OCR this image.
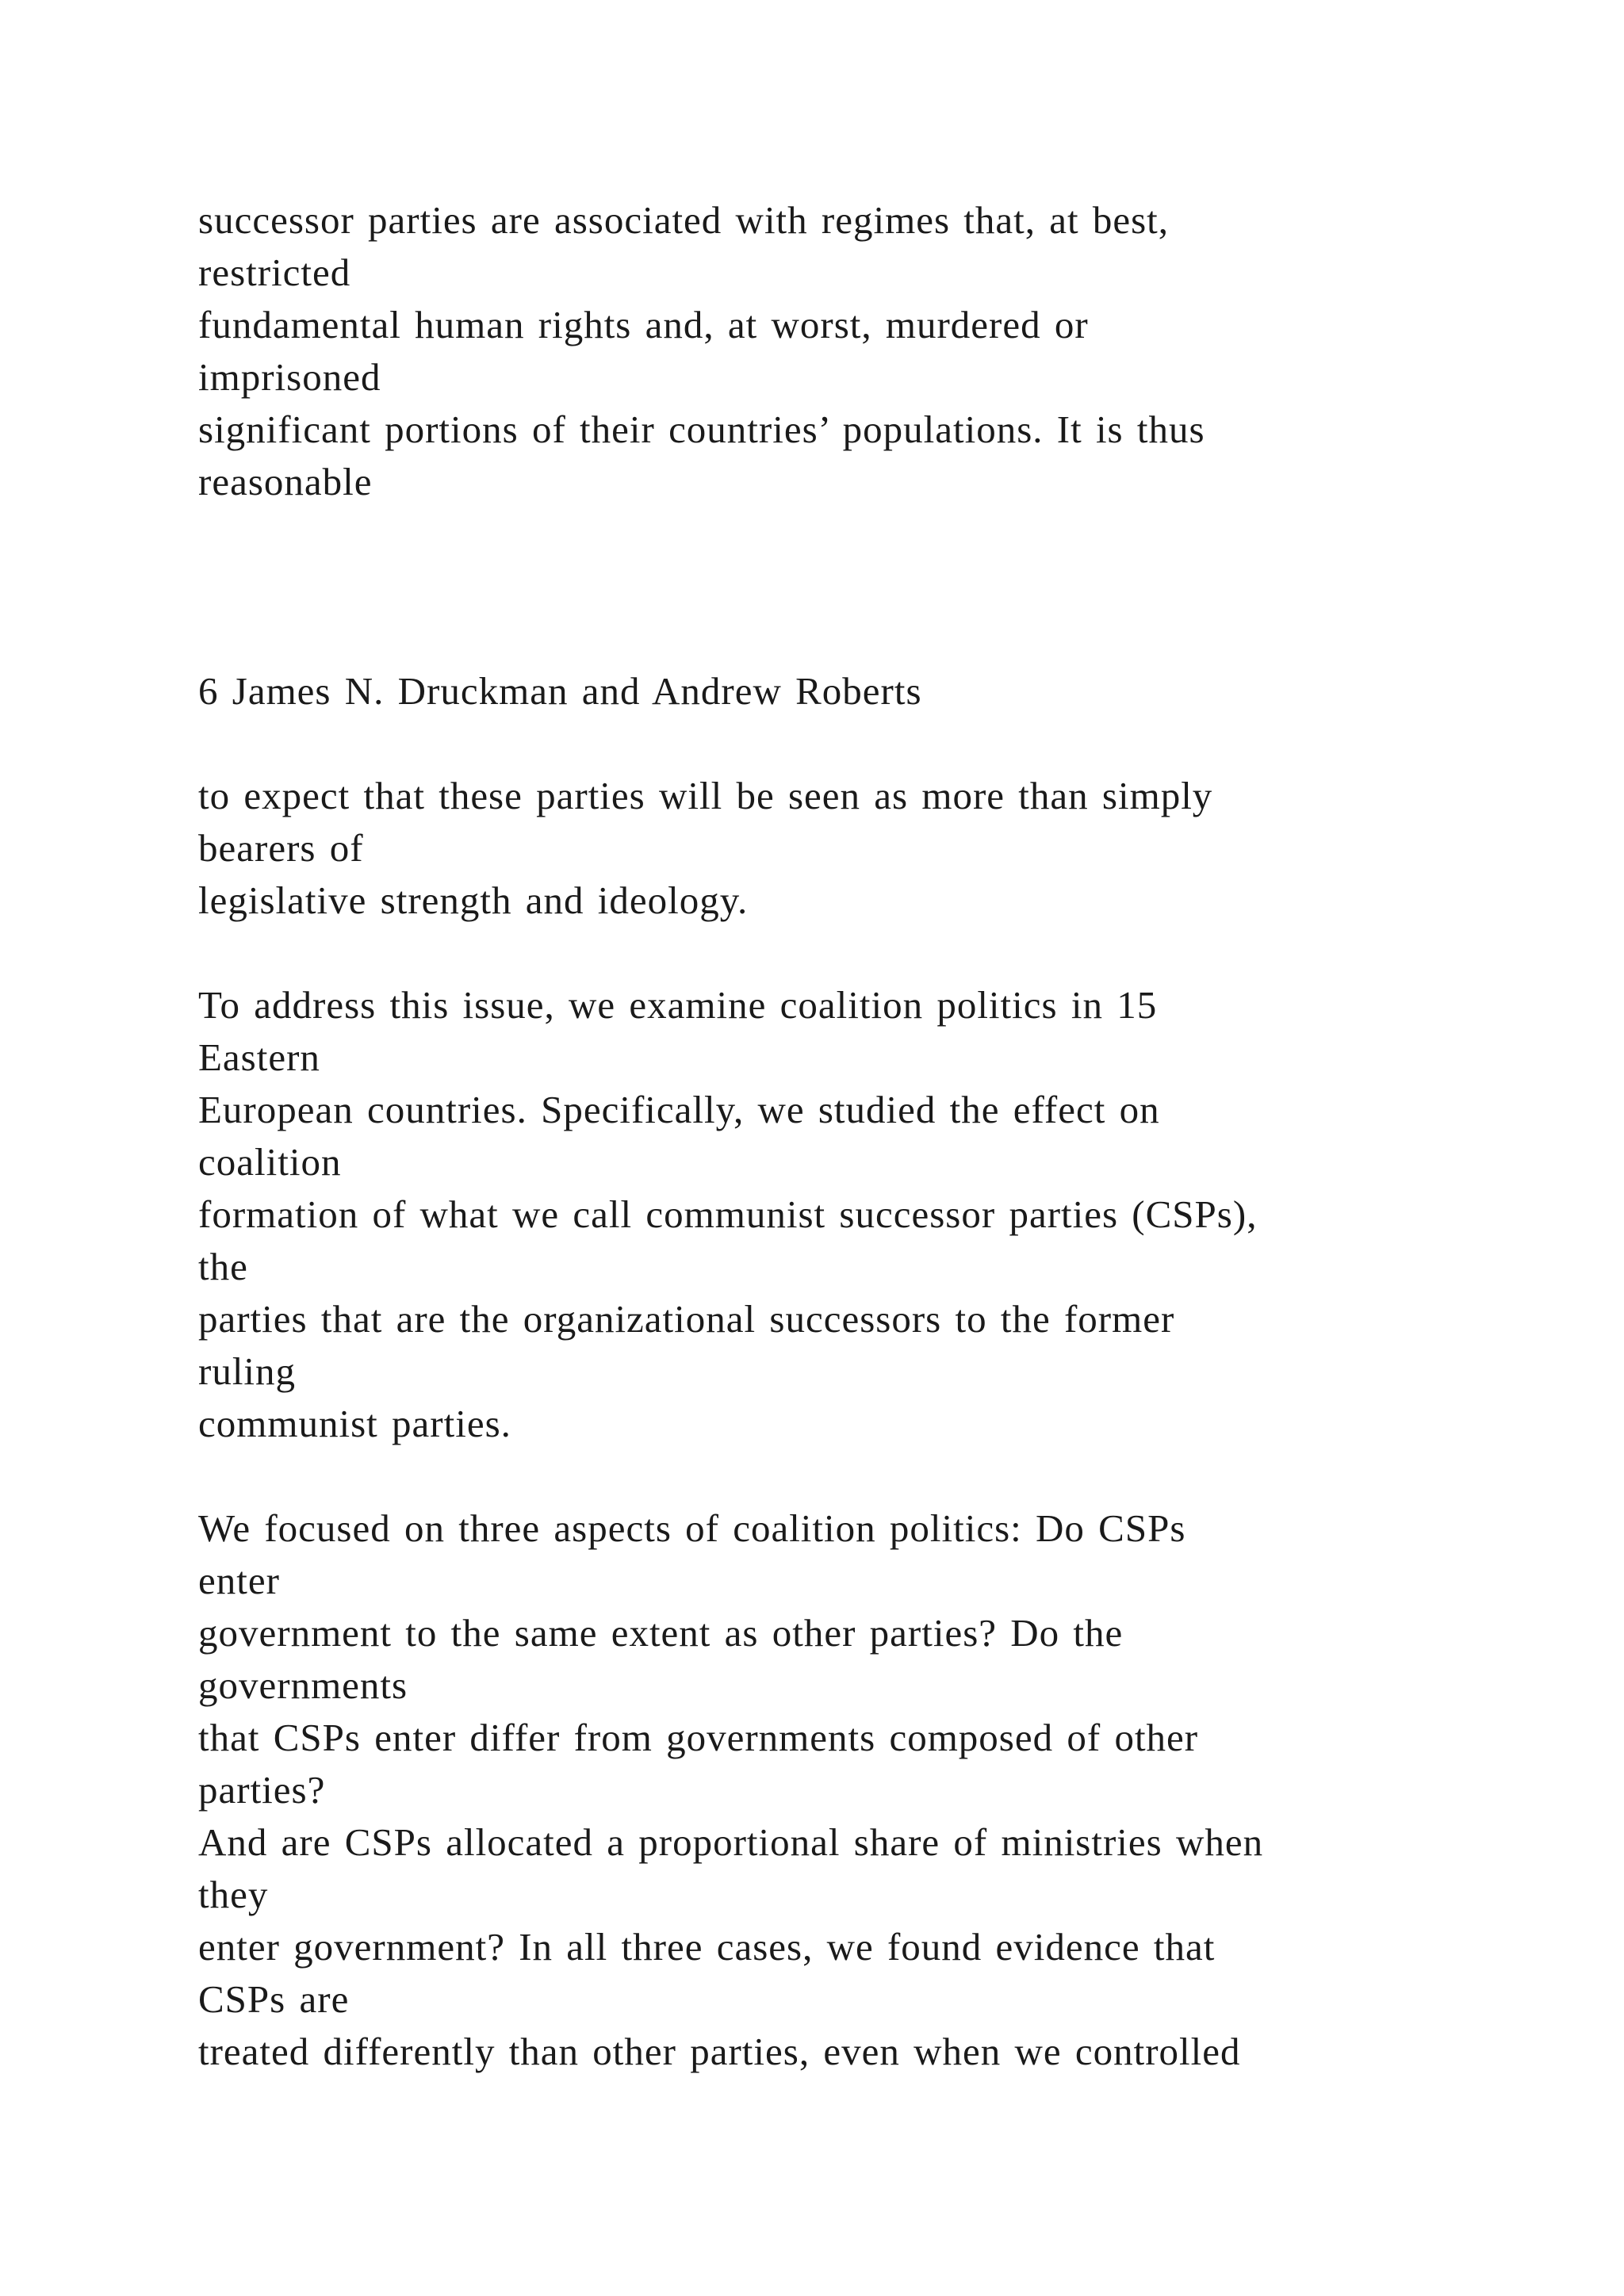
successor parties are associated with regimes that, at best,

restricted

fundamental human rights and, at worst, murdered or

imprisoned

significant portions of their countries’ populations. It is thus

reasonable

6 James N. Druckman and Andrew Roberts

to expect that these parties will be seen as more than simply

bearers of

legislative strength and ideology.

To address this issue, we examine coalition politics in 15

Eastern

European countries. Specifically, we studied the effect on

coalition

formation of what we call communist successor parties (CSPs),

the

parties that are the organizational successors to the former

ruling

communist parties.

We focused on three aspects of coalition politics: Do CSPs

enter

government to the same extent as other parties? Do the

governments

that CSPs enter differ from governments composed of other

parties?

And are CSPs allocated a proportional share of ministries when

they

enter government? In all three cases, we found evidence that

CSPs are

treated differently than other parties, even when we controlled
